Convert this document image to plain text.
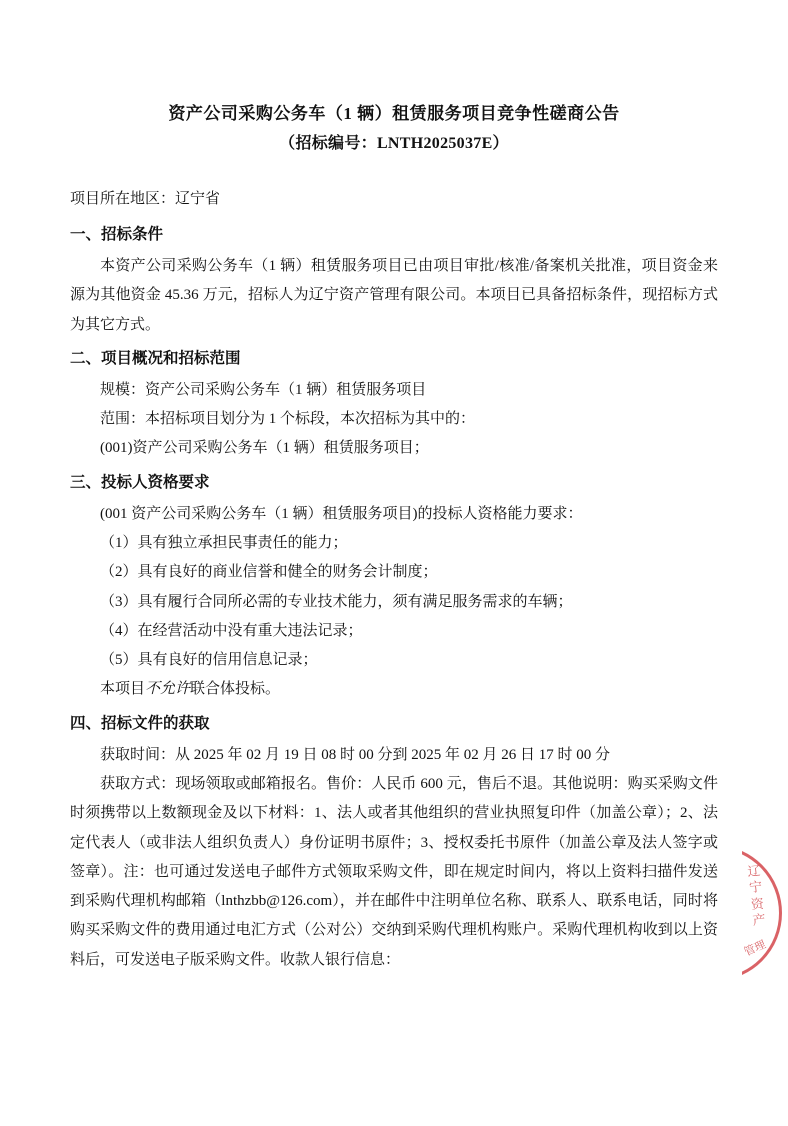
资产公司采购公务车（1 辆）租赁服务项目竞争性磋商公告
（招标编号：LNTH2025037E）

项目所在地区：辽宁省

一、招标条件

本资产公司采购公务车（1 辆）租赁服务项目已由项目审批/核准/备案机关批准，项目资金来源为其他资金 45.36 万元，招标人为辽宁资产管理有限公司。本项目已具备招标条件，现招标方式为其它方式。

二、项目概况和招标范围

规模：资产公司采购公务车（1 辆）租赁服务项目

范围：本招标项目划分为 1 个标段，本次招标为其中的：

(001)资产公司采购公务车（1 辆）租赁服务项目；

三、投标人资格要求

(001 资产公司采购公务车（1 辆）租赁服务项目)的投标人资格能力要求：

（1）具有独立承担民事责任的能力；

（2）具有良好的商业信誉和健全的财务会计制度；

（3）具有履行合同所必需的专业技术能力，须有满足服务需求的车辆；

（4）在经营活动中没有重大违法记录；

（5）具有良好的信用信息记录；

本项目不允许联合体投标。

四、招标文件的获取

获取时间：从 2025 年 02 月 19 日 08 时 00 分到 2025 年 02 月 26 日 17 时 00 分

获取方式：现场领取或邮箱报名。售价：人民币 600 元，售后不退。其他说明：购买采购文件时须携带以上数额现金及以下材料：1、法人或者其他组织的营业执照复印件（加盖公章）；2、法定代表人（或非法人组织负责人）身份证明书原件；3、授权委托书原件（加盖公章及法人签字或签章）。注：也可通过发送电子邮件方式领取采购文件，即在规定时间内，将以上资料扫描件发送到采购代理机构邮箱（lnthzbb@126.com），并在邮件中注明单位名称、联系人、联系电话，同时将购买采购文件的费用通过电汇方式（公对公）交纳到采购代理机构账户。采购代理机构收到以上资料后，可发送电子版采购文件。收款人银行信息：

辽宁资产
管理
